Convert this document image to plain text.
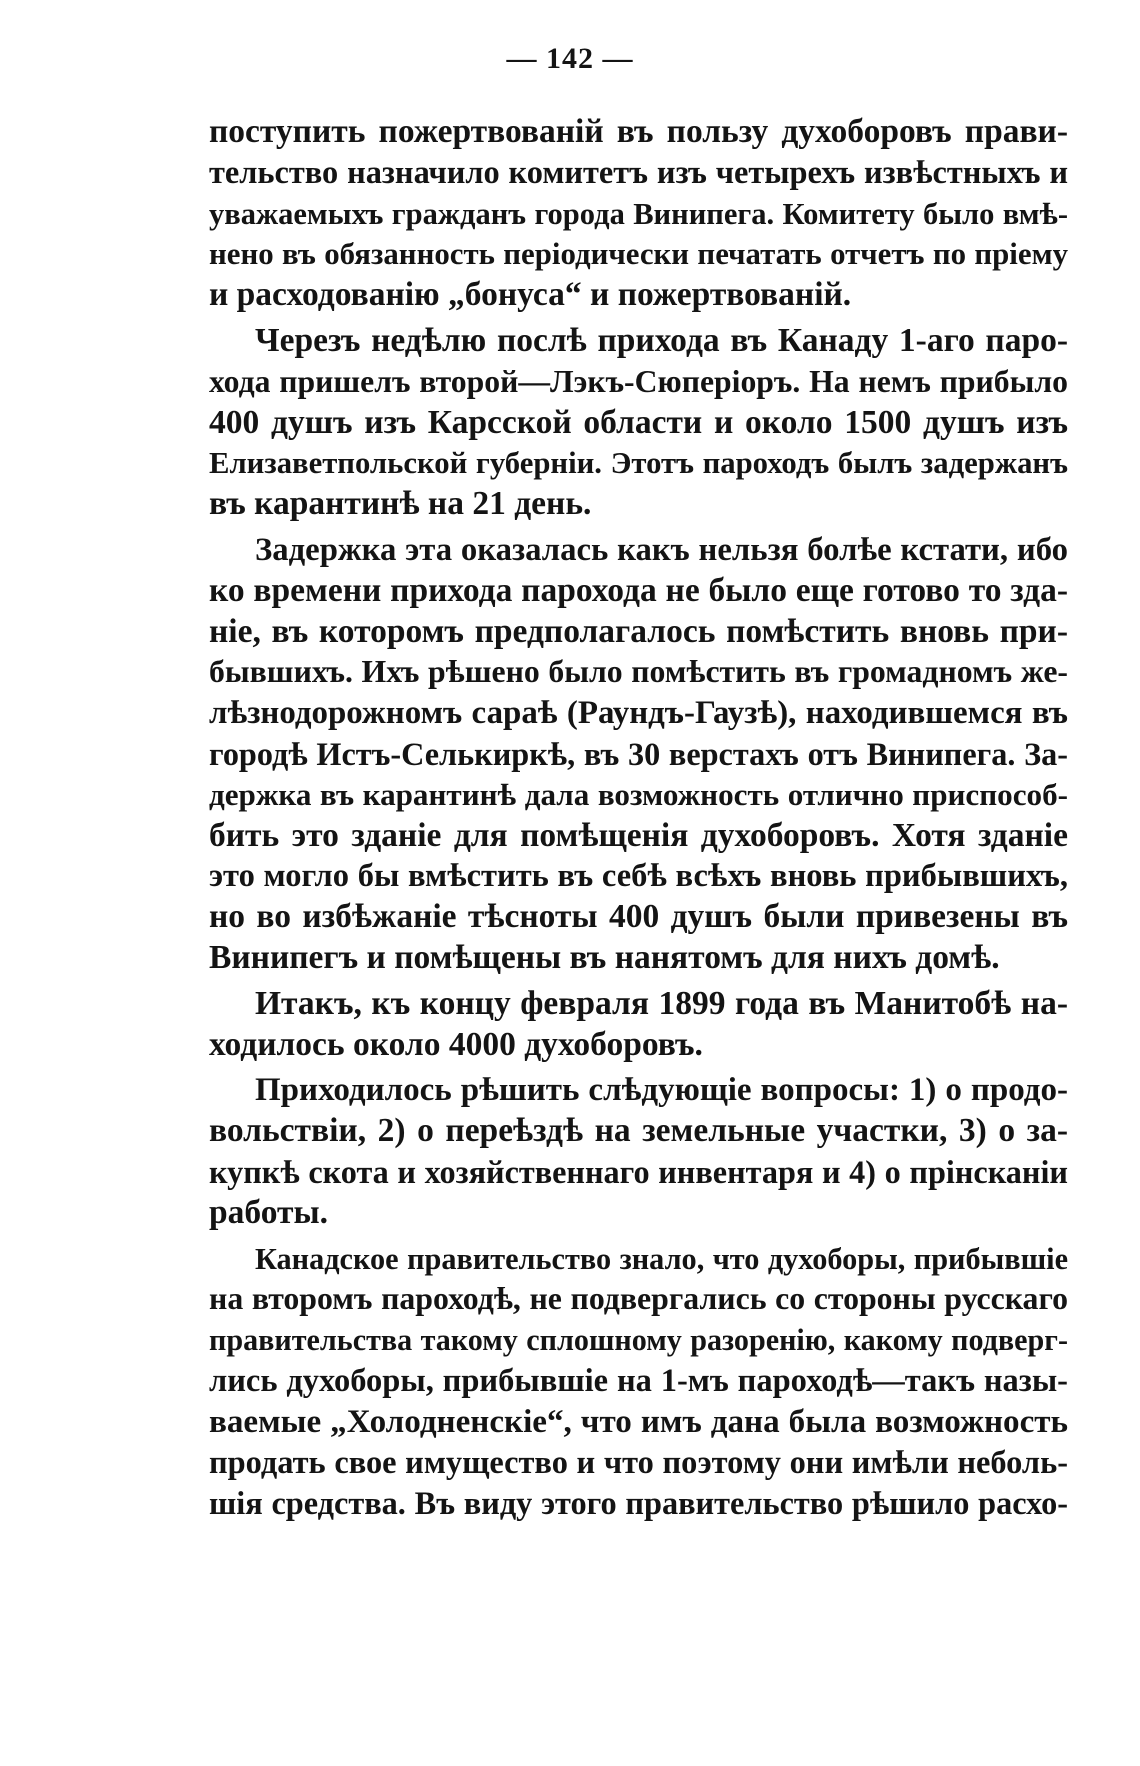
— 142 —
поступить пожертвованій въ пользу духоборовъ прави-
тельство назначило комитетъ изъ четырехъ извѣстныхъ и
уважаемыхъ гражданъ города Винипега. Комитету было вмѣ-
нено въ обязанность періодически печатать отчетъ по пріему
и расходованію „бонуса“ и пожертвованій.
Черезъ недѣлю послѣ прихода въ Канаду 1-аго паро-
хода пришелъ второй—Лэкъ-Сюперіоръ. На немъ прибыло
400 душъ изъ Карсской области и около 1500 душъ изъ
Елизаветпольской губерніи. Этотъ пароходъ былъ задержанъ
въ карантинѣ на 21 день.
Задержка эта оказалась какъ нельзя болѣе кстати, ибо
ко времени прихода парохода не было еще готово то зда-
ніе, въ которомъ предполагалось помѣстить вновь при-
бывшихъ. Ихъ рѣшено было помѣстить въ громадномъ же-
лѣзнодорожномъ сараѣ (Раундъ-Гаузѣ), находившемся въ
городѣ Истъ-Селькиркѣ, въ 30 верстахъ отъ Винипега. За-
держка въ карантинѣ дала возможность отлично приспособ-
бить это зданіе для помѣщенія духоборовъ. Хотя зданіе
это могло бы вмѣстить въ себѣ всѣхъ вновь прибывшихъ,
но во избѣжаніе тѣсноты 400 душъ были привезены въ
Винипегъ и помѣщены въ нанятомъ для нихъ домѣ.
Итакъ, къ концу февраля 1899 года въ Манитобѣ на-
ходилось около 4000 духоборовъ.
Приходилось рѣшить слѣдующіе вопросы: 1) о продо-
вольствіи, 2) о переѣздѣ на земельные участки, 3) о за-
купкѣ скота и хозяйственнаго инвентаря и 4) о прінсканіи
работы.
Канадское правительство знало, что духоборы, прибывшіе
на второмъ пароходѣ, не подвергались со стороны русскаго
правительства такому сплошному разоренію, какому подверг-
лись духоборы, прибывшіе на 1-мъ пароходѣ—такъ назы-
ваемые „Холодненскіе“, что имъ дана была возможность
продать свое имущество и что поэтому они имѣли неболь-
шія средства. Въ виду этого правительство рѣшило расхо-
